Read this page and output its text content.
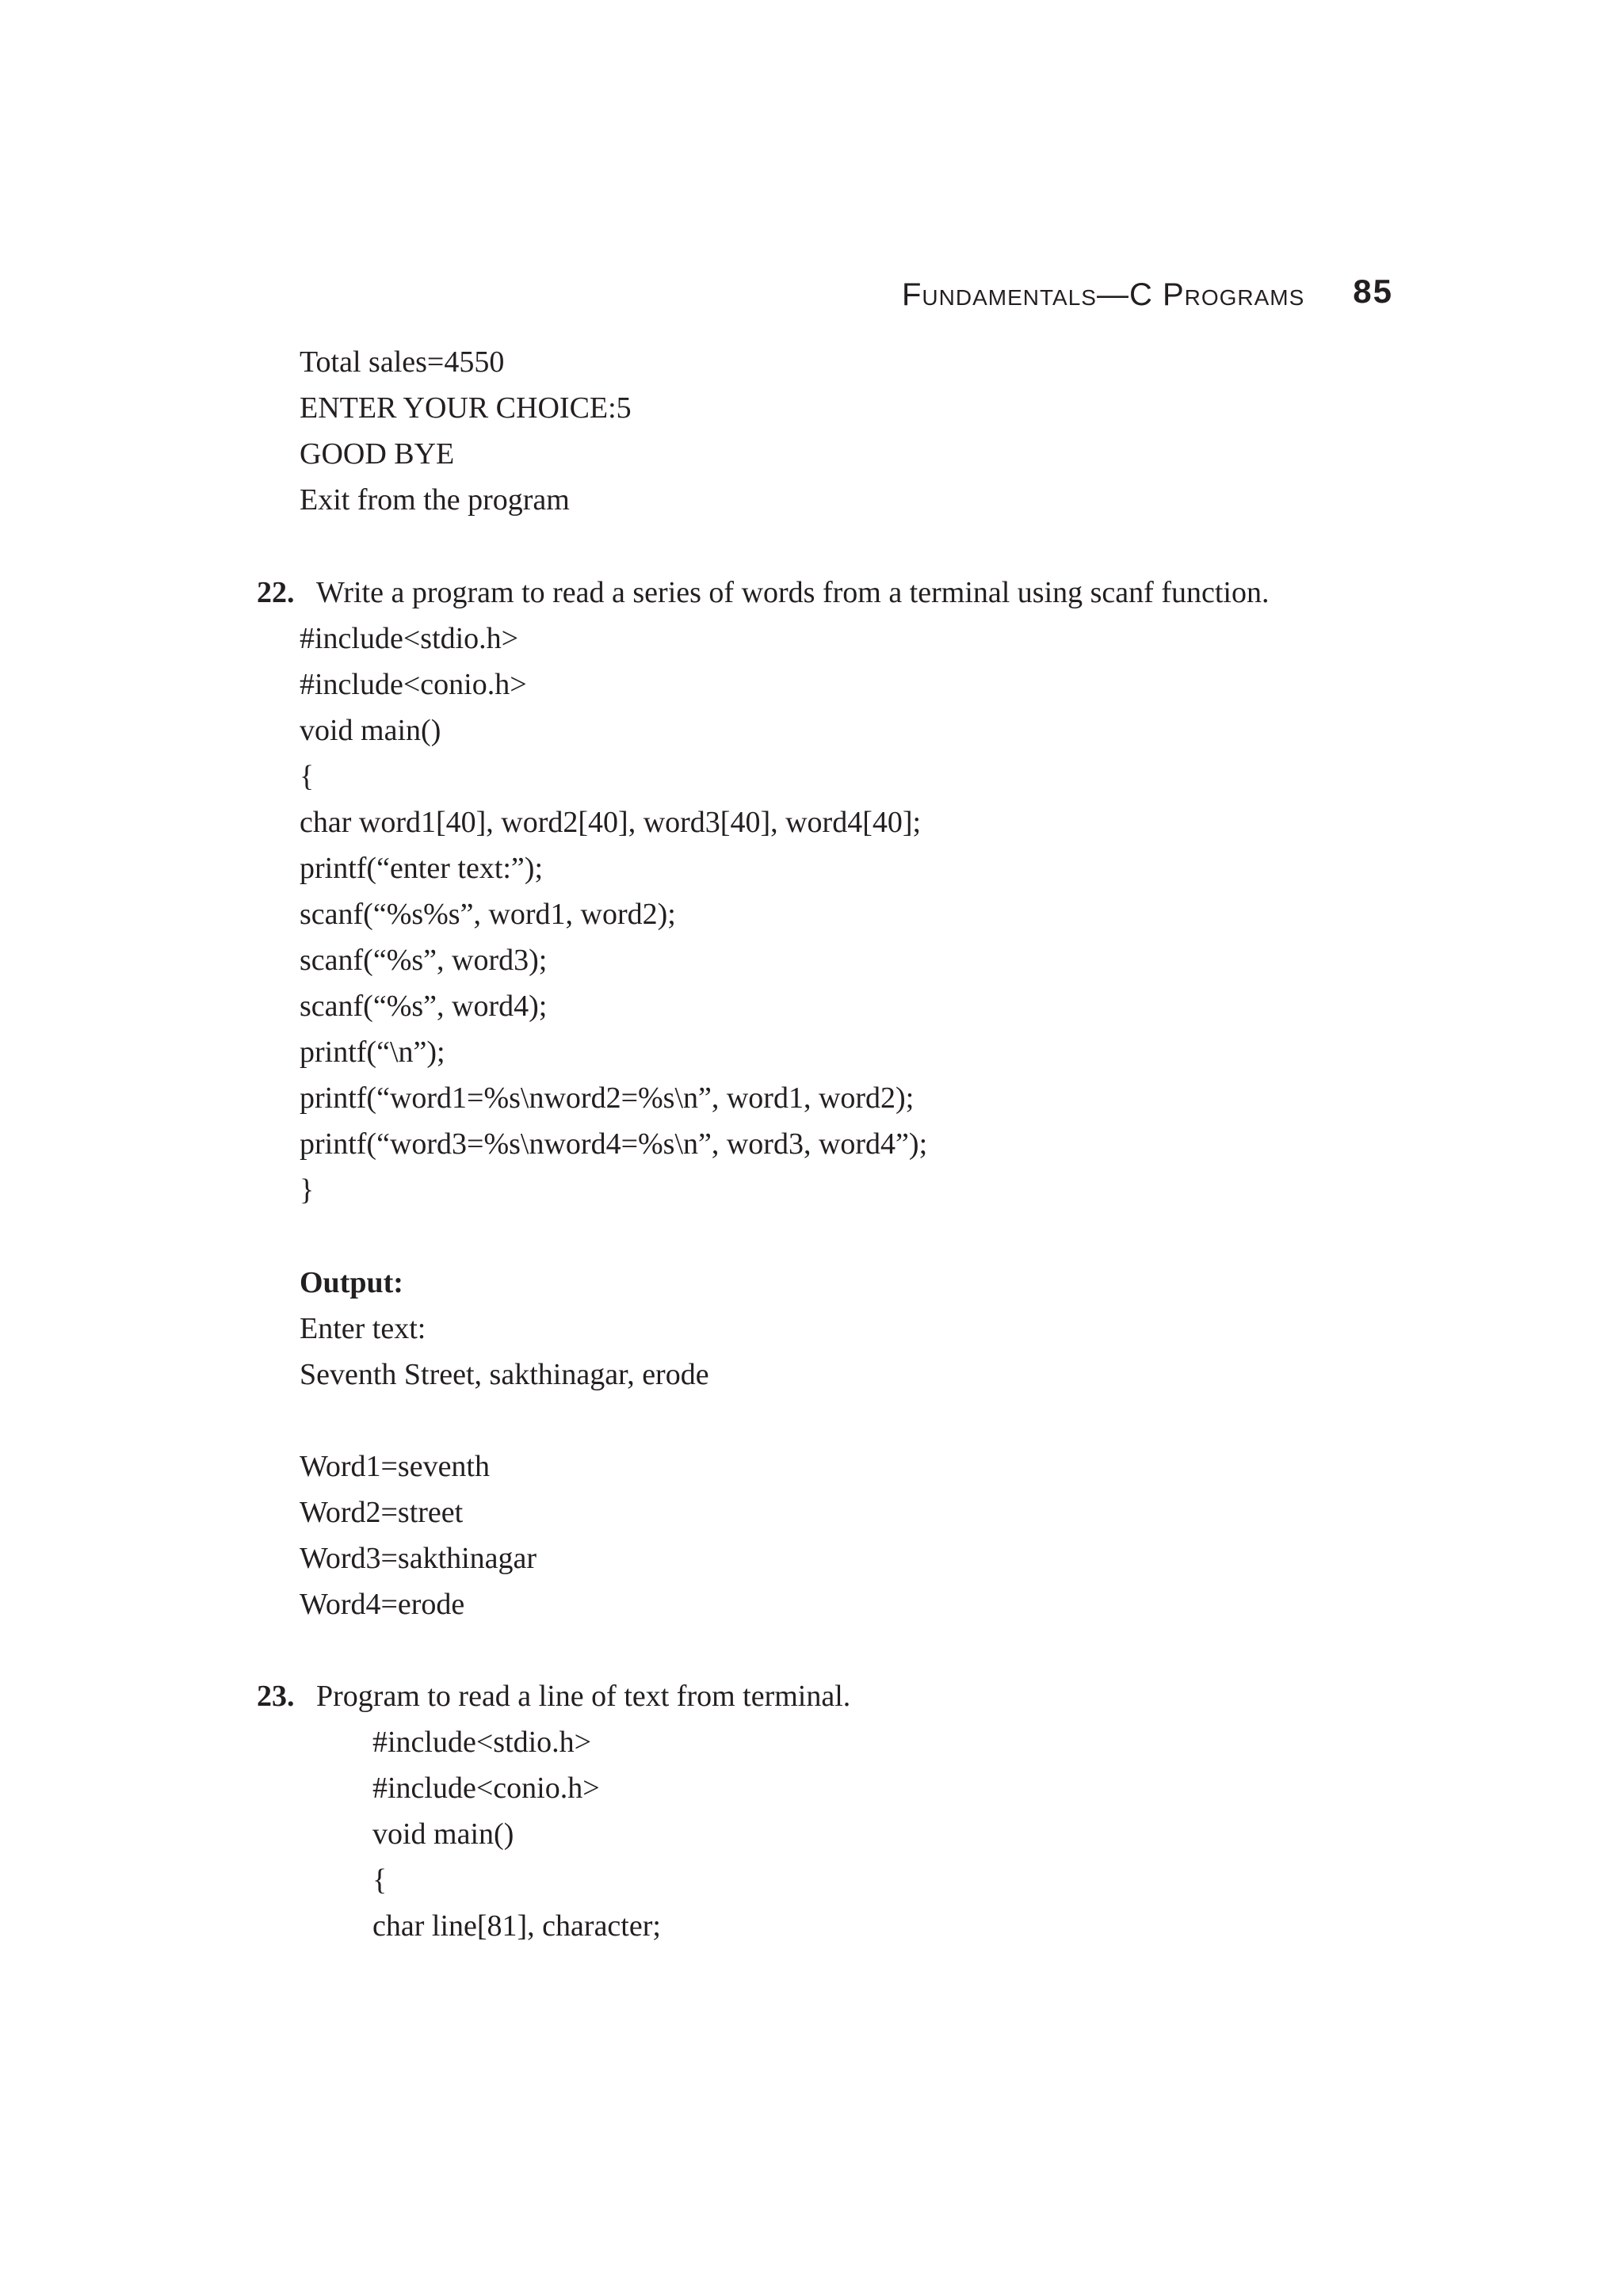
Fundamentals—C Programs 85
Total sales=4550
ENTER YOUR CHOICE:5
GOOD BYE
Exit from the program
22. Write a program to read a series of words from a terminal using scanf function.
#include<stdio.h>
#include<conio.h>
void main()
{
char word1[40], word2[40], word3[40], word4[40];
printf(“enter text:”);
scanf(“%s%s”, word1, word2);
scanf(“%s”, word3);
scanf(“%s”, word4);
printf(“\n”);
printf(“word1=%s\nword2=%s\n”, word1, word2);
printf(“word3=%s\nword4=%s\n”, word3, word4”);
}
Output:
Enter text:
Seventh Street, sakthinagar, erode
Word1=seventh
Word2=street
Word3=sakthinagar
Word4=erode
23. Program to read a line of text from terminal.
#include<stdio.h>
#include<conio.h>
void main()
{
char line[81], character;
